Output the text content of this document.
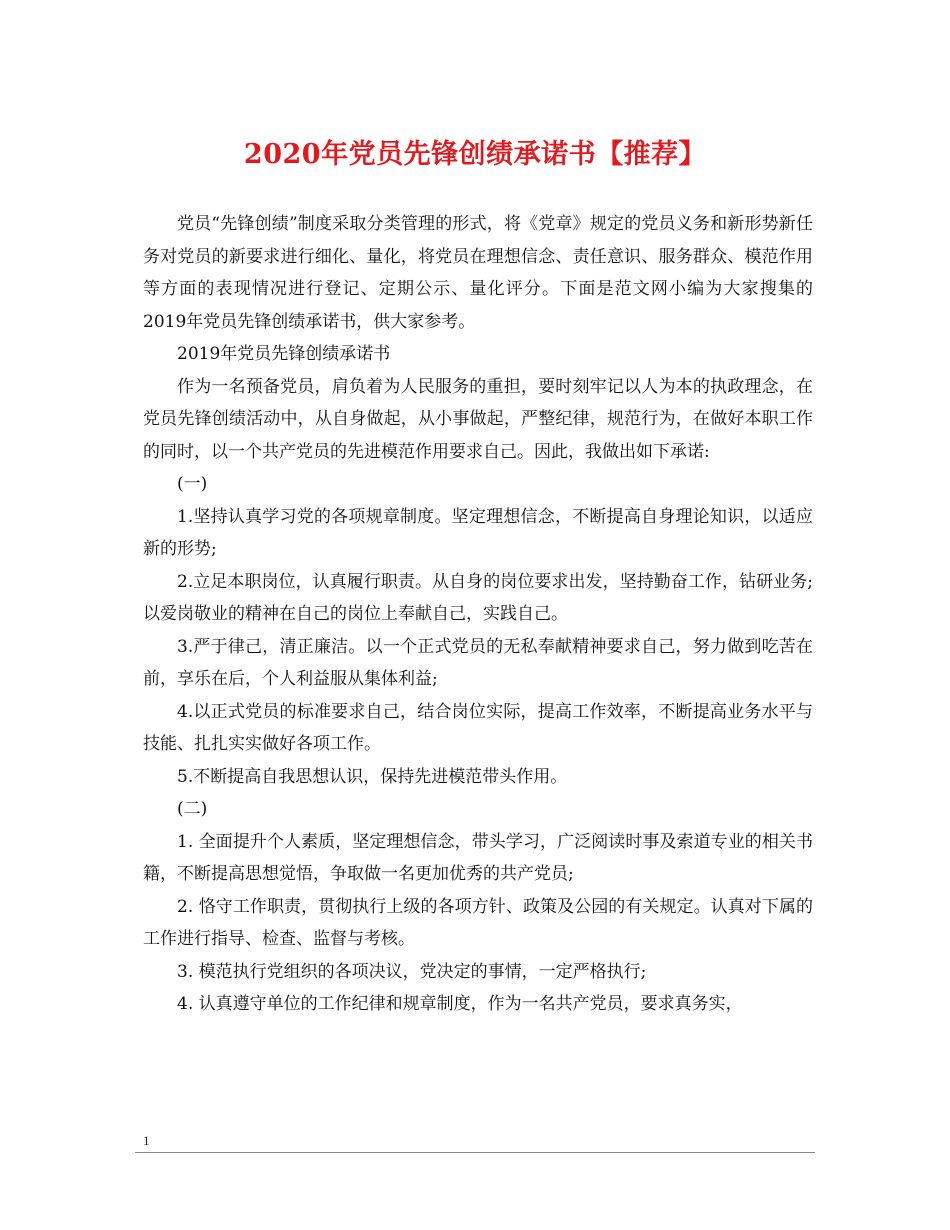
2020年党员先锋创绩承诺书【推荐】

党员“先锋创绩”制度采取分类管理的形式，将《党章》规定的党员义务和新形势新任务对党员的新要求进行细化、量化，将党员在理想信念、责任意识、服务群众、模范作用等方面的表现情况进行登记、定期公示、量化评分。下面是范文网小编为大家搜集的2019年党员先锋创绩承诺书，供大家参考。

2019年党员先锋创绩承诺书

作为一名预备党员，肩负着为人民服务的重担，要时刻牢记以人为本的执政理念，在党员先锋创绩活动中，从自身做起，从小事做起，严整纪律，规范行为，在做好本职工作的同时，以一个共产党员的先进模范作用要求自己。因此，我做出如下承诺:

(一)

1.坚持认真学习党的各项规章制度。坚定理想信念，不断提高自身理论知识，以适应新的形势;

2.立足本职岗位，认真履行职责。从自身的岗位要求出发，坚持勤奋工作，钻研业务;以爱岗敬业的精神在自己的岗位上奉献自己，实践自己。

3.严于律己，清正廉洁。以一个正式党员的无私奉献精神要求自己，努力做到吃苦在前，享乐在后，个人利益服从集体利益;

4.以正式党员的标准要求自己，结合岗位实际，提高工作效率，不断提高业务水平与技能、扎扎实实做好各项工作。

5.不断提高自我思想认识，保持先进模范带头作用。

(二)

1. 全面提升个人素质，坚定理想信念，带头学习，广泛阅读时事及索道专业的相关书籍，不断提高思想觉悟，争取做一名更加优秀的共产党员;

2. 恪守工作职责，贯彻执行上级的各项方针、政策及公园的有关规定。认真对下属的工作进行指导、检查、监督与考核。

3. 模范执行党组织的各项决议，党决定的事情，一定严格执行;

4. 认真遵守单位的工作纪律和规章制度，作为一名共产党员，要求真务实，

1
